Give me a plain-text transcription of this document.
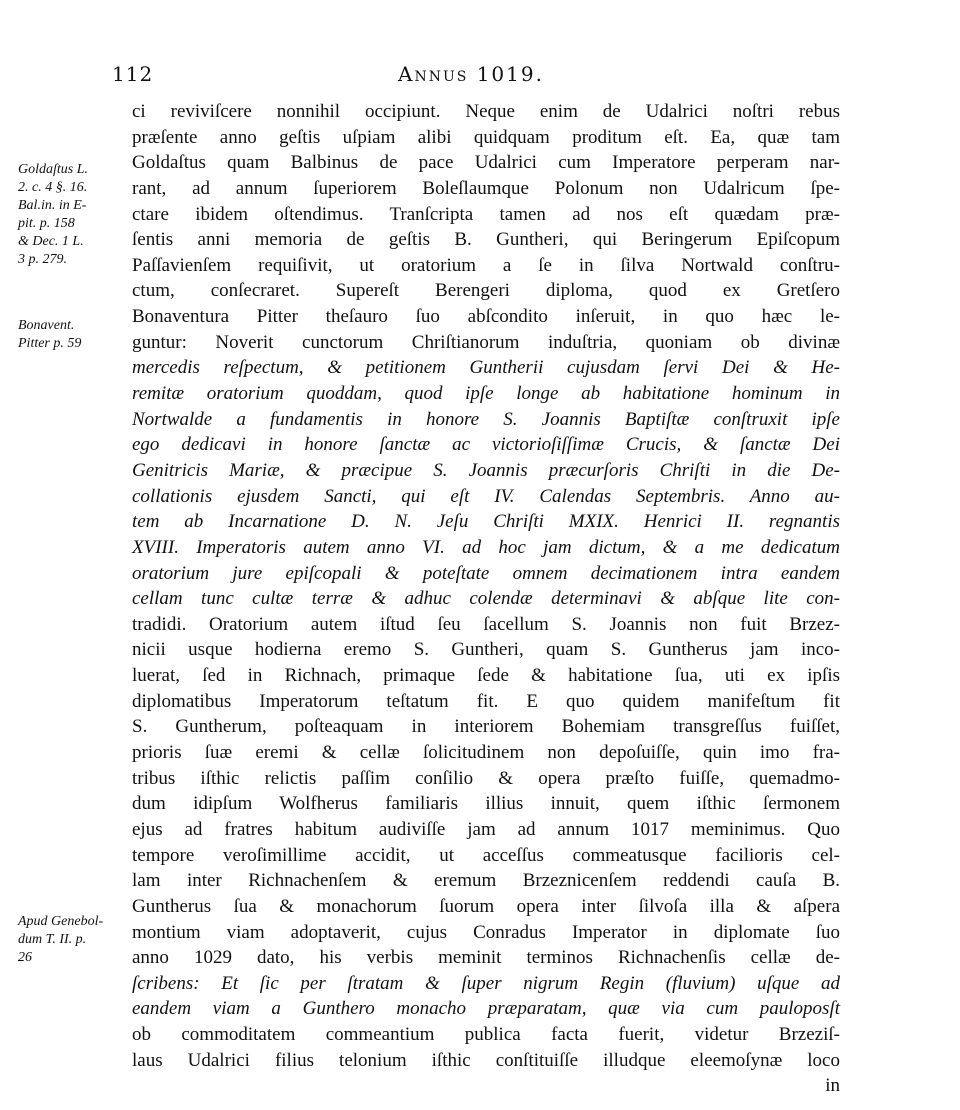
112	Annus 1019.
Goldaſtus L.
2. c. 4 §. 16.
Bal.in. in E-
pit. p. 158
& Dec. 1 L.
3 p. 279.
Bonavent.
Pitter p. 59
Apud Genebol-
dum T. II. p.
26
ci reviviſcere nonnihil occipiunt. Neque enim de Udalrici noſtri rebus
præſente anno geſtis uſpiam alibi quidquam proditum eſt. Ea, quæ tam
Goldaſtus quam Balbinus de pace Udalrici cum Imperatore perperam nar-
rant, ad annum ſuperiorem Boleſlaumque Polonum non Udalricum ſpe-
ctare ibidem oſtendimus. Tranſcripta tamen ad nos eſt quædam præ-
ſentis anni memoria de geſtis B. Guntheri, qui Beringerum Epiſcopum
Paſſavienſem requiſivit, ut oratorium a ſe in ſilva Nortwald conſtru-
ctum, conſecraret. Supereſt Berengeri diploma, quod ex Gretſero
Bonaventura Pitter theſauro ſuo abſcondito inſeruit, in quo hæc le-
guntur: Noverit cunctorum Chriſtianorum induſtria, quoniam ob divinæ
mercedis reſpectum, & petitionem Guntherii cujusdam ſervi Dei & He-
remitæ oratorium quoddam, quod ipſe longe ab habitatione hominum in
Nortwalde a fundamentis in honore S. Joannis Baptiſtæ conſtruxit ipſe
ego dedicavi in honore ſanctæ ac victorioſiſſimæ Crucis, & ſanctæ Dei
Genitricis Mariæ, & præcipue S. Joannis præcurſoris Chriſti in die De-
collationis ejusdem Sancti, qui eſt IV. Calendas Septembris. Anno au-
tem ab Incarnatione D. N. Jeſu Chriſti MXIX. Henrici II. regnantis
XVIII. Imperatoris autem anno VI. ad hoc jam dictum, & a me dedicatum
oratorium jure epiſcopali & poteſtate omnem decimationem intra eandem
cellam tunc cultæ terræ & adhuc colendæ determinavi & abſque lite con-
tradidi. Oratorium autem iſtud ſeu ſacellum S. Joannis non fuit Brzez-
nicii usque hodierna eremo S. Guntheri, quam S. Guntherus jam inco-
luerat, ſed in Richnach, primaque ſede & habitatione ſua, uti ex ipſis
diplomatibus Imperatorum teſtatum fit. E quo quidem manifeſtum fit
S. Guntherum, poſteaquam in interiorem Bohemiam transgreſſus fuiſſet,
prioris ſuæ eremi & cellæ ſolicitudinem non depoſuiſſe, quin imo fra-
tribus iſthic relictis paſſim conſilio & opera præſto fuiſſe, quemadmo-
dum idipſum Wolfherus familiaris illius innuit, quem iſthic ſermonem
ejus ad fratres habitum audiviſſe jam ad annum 1017 meminimus. Quo
tempore veroſimillime accidit, ut acceſſus commeatusque facilioris cel-
lam inter Richnachenſem & eremum Brzeznicenſem reddendi cauſa B.
Guntherus ſua & monachorum ſuorum opera inter ſilvoſa illa & aſpera
montium viam adoptaverit, cujus Conradus Imperator in diplomate ſuo
anno 1029 dato, his verbis meminit terminos Richnachenſis cellæ de-
ſcribens: Et ſic per ſtratam & ſuper nigrum Regin (fluvium) uſque ad
eandem viam a Gunthero monacho præparatam, quæ via cum pauloposſt
ob commoditatem commeantium publica facta fuerit, videtur Brzeziſ-
laus Udalrici filius telonium iſthic conſtituiſſe illudque eleemoſynæ loco
in
